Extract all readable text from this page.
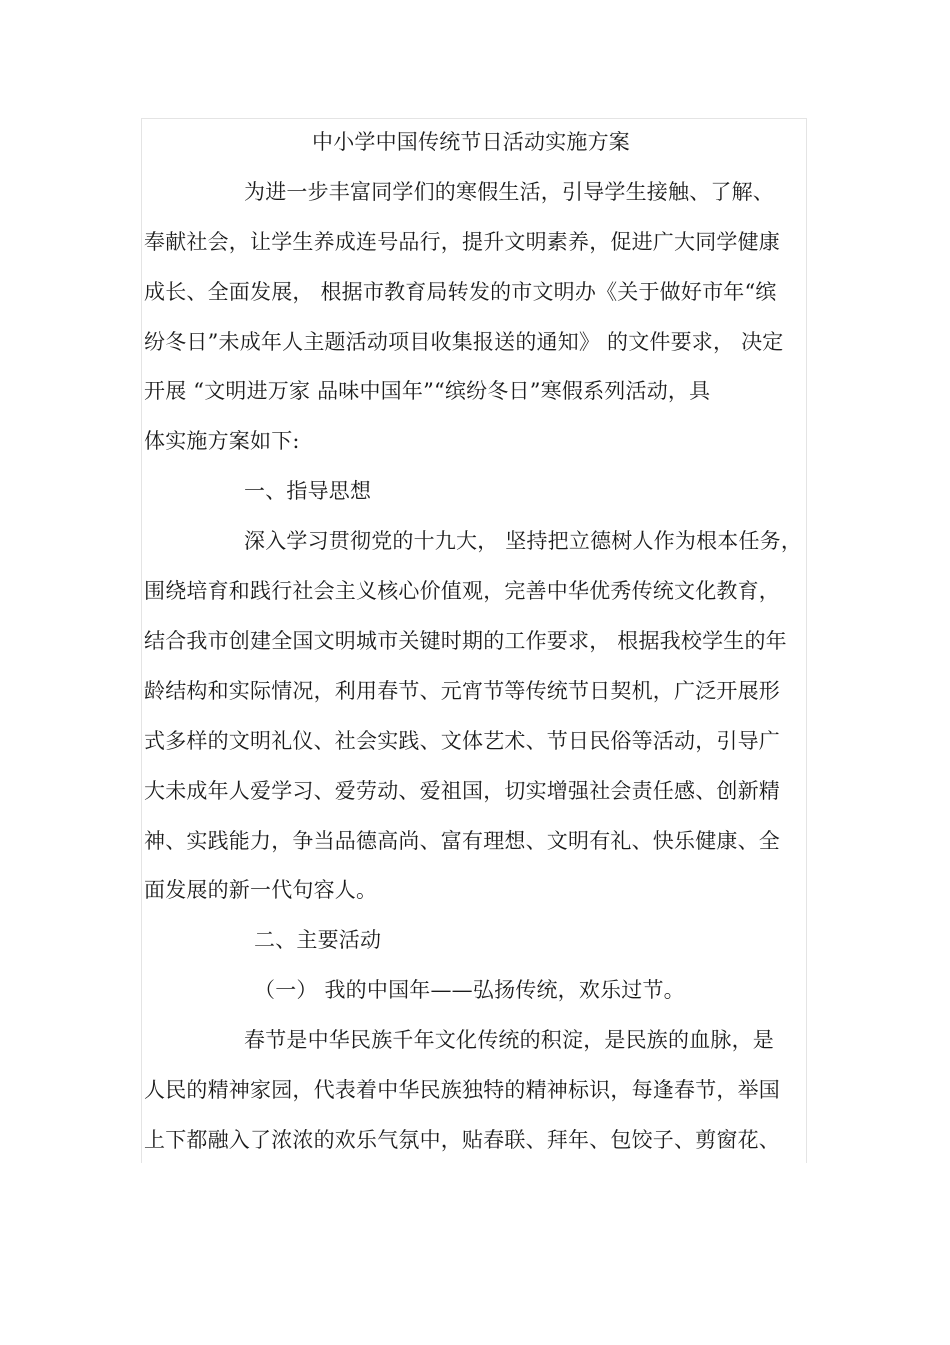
中小学中国传统节日活动实施方案
为进一步丰富同学们的寒假生活，引导学生接触、了解、
奉献社会，让学生养成连号品行，提升文明素养，促进广大同学健康
成长、全面发展， 根据市教育局转发的市文明办《关于做好市年“缤
纷冬日”未成年人主题活动项目收集报送的通知》 的文件要求， 决定
开展 “文明进万家 品味中国年”“缤纷冬日”寒假系列活动，具
体实施方案如下:
一、指导思想
深入学习贯彻党的十九大， 坚持把立德树人作为根本任务，
围绕培育和践行社会主义核心价值观，完善中华优秀传统文化教育，
结合我市创建全国文明城市关键时期的工作要求， 根据我校学生的年
龄结构和实际情况，利用春节、元宵节等传统节日契机，广泛开展形
式多样的文明礼仪、社会实践、文体艺术、节日民俗等活动，引导广
大未成年人爱学习、爱劳动、爱祖国，切实增强社会责任感、创新精
神、实践能力，争当品德高尚、富有理想、文明有礼、快乐健康、全
面发展的新一代句容人。
二、主要活动
（一） 我的中国年——弘扬传统，欢乐过节。
春节是中华民族千年文化传统的积淀，是民族的血脉，是
人民的精神家园，代表着中华民族独特的精神标识，每逢春节，举国
上下都融入了浓浓的欢乐气氛中，贴春联、拜年、包饺子、剪窗花、
